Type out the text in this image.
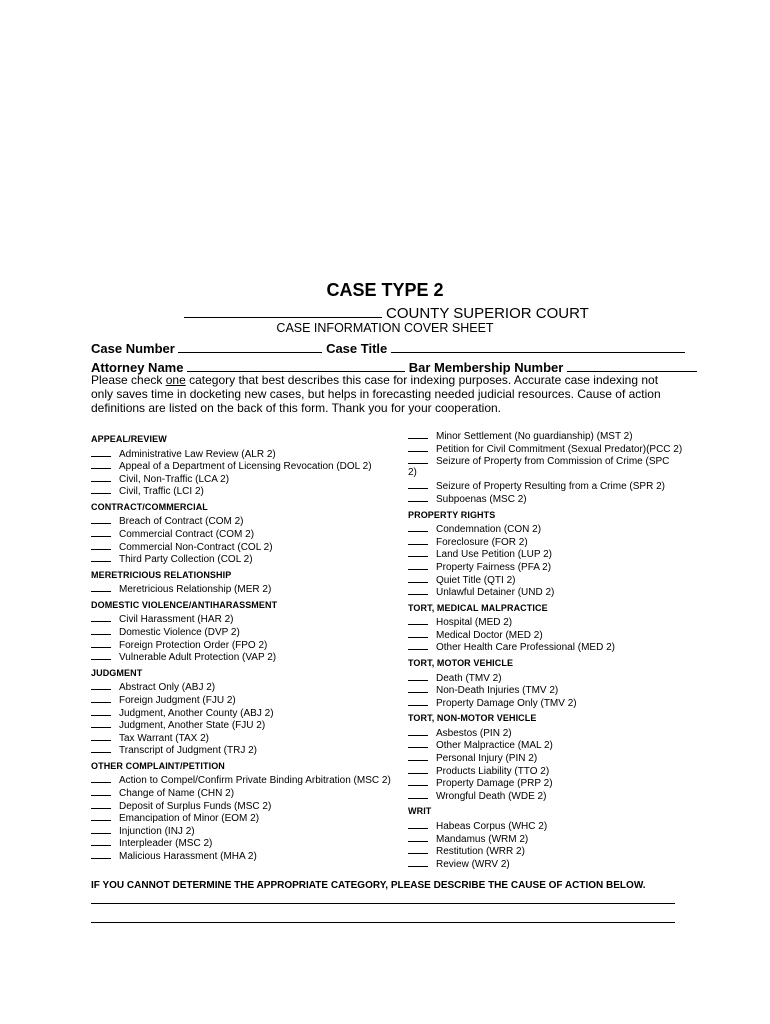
CASE TYPE 2
COUNTY SUPERIOR COURT
CASE INFORMATION COVER SHEET
Case Number	Case Title
Attorney Name	Bar Membership Number
Please check one category that best describes this case for indexing purposes. Accurate case indexing not only saves time in docketing new cases, but helps in forecasting needed judicial resources. Cause of action definitions are listed on the back of this form. Thank you for your cooperation.
IF YOU CANNOT DETERMINE THE APPROPRIATE CATEGORY, PLEASE DESCRIBE THE CAUSE OF ACTION BELOW.
APPEAL/REVIEW
Administrative Law Review (ALR 2)
Appeal of a Department of Licensing Revocation (DOL 2)
Civil, Non-Traffic (LCA 2)
Civil, Traffic (LCI 2)
CONTRACT/COMMERCIAL
Breach of Contract (COM 2)
Commercial Contract (COM 2)
Commercial Non-Contract (COL 2)
Third Party Collection (COL 2)
MERETRICIOUS RELATIONSHIP
Meretricious Relationship (MER 2)
DOMESTIC VIOLENCE/ANTIHARASSMENT
Civil Harassment (HAR 2)
Domestic Violence (DVP 2)
Foreign Protection Order (FPO 2)
Vulnerable Adult Protection (VAP 2)
JUDGMENT
Abstract Only (ABJ 2)
Foreign Judgment (FJU 2)
Judgment, Another County (ABJ 2)
Judgment, Another State (FJU 2)
Tax Warrant (TAX 2)
Transcript of Judgment (TRJ 2)
OTHER COMPLAINT/PETITION
Action to Compel/Confirm Private Binding Arbitration (MSC 2)
Change of Name (CHN 2)
Deposit of Surplus Funds (MSC 2)
Emancipation of Minor (EOM 2)
Injunction (INJ 2)
Interpleader (MSC 2)
Malicious Harassment (MHA 2)
Minor Settlement (No guardianship) (MST 2)
Petition for Civil Commitment (Sexual Predator)(PCC 2)
Seizure of Property from Commission of Crime (SPC
2)
Seizure of Property Resulting from a Crime (SPR 2)
Subpoenas (MSC 2)
PROPERTY RIGHTS
Condemnation (CON 2)
Foreclosure (FOR 2)
Land Use Petition (LUP 2)
Property Fairness (PFA 2)
Quiet Title (QTI 2)
Unlawful Detainer (UND 2)
TORT, MEDICAL MALPRACTICE
Hospital (MED 2)
Medical Doctor (MED 2)
Other Health Care Professional (MED 2)
TORT, MOTOR VEHICLE
Death (TMV 2)
Non-Death Injuries (TMV 2)
Property Damage Only (TMV 2)
TORT, NON-MOTOR VEHICLE
Asbestos (PIN 2)
Other Malpractice (MAL 2)
Personal Injury (PIN 2)
Products Liability (TTO 2)
Property Damage (PRP 2)
Wrongful Death (WDE 2)
WRIT
Habeas Corpus (WHC 2)
Mandamus (WRM 2)
Restitution (WRR 2)
Review (WRV 2)
